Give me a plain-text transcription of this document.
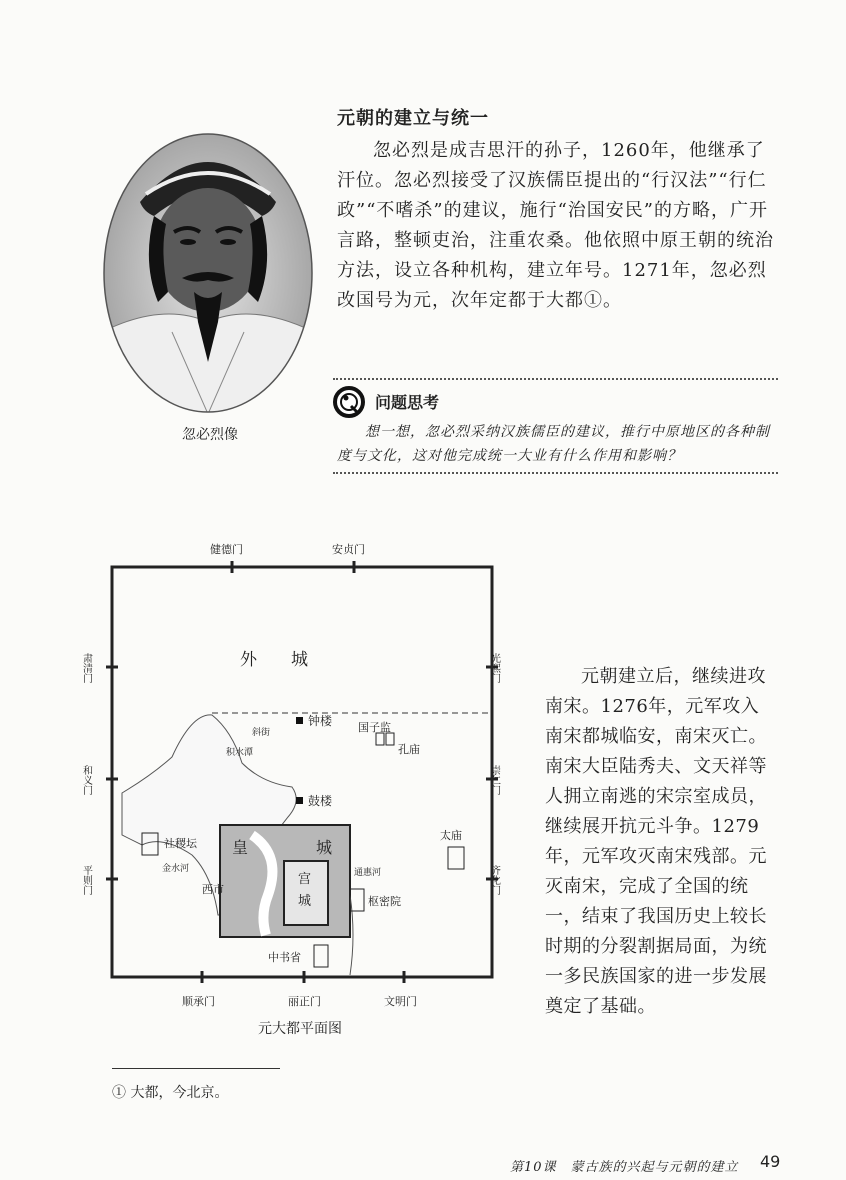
忽必烈像
元朝的建立与统一

忽必烈是成吉思汗的孙子，1260年，他继承了汗位。忽必烈接受了汉族儒臣提出的“行汉法”“行仁政”“不嗜杀”的建议，施行“治国安民”的方略，广开言路，整顿吏治，注重农桑。他依照中原王朝的统治方法，设立各种机构，建立年号。1271年，忽必烈改国号为元，次年定都于大都①。

问题思考

想一想，忽必烈采纳汉族儒臣的建议，推行中原地区的各种制度与文化，这对他完成统一大业有什么作用和影响？

外　　城
钟楼
鼓楼
国子监
孔庙
太庙
社稷坛
西市
枢密院
中书省
皇	城
宫
城
通惠河
金水河
积水潭
斜街
健德门	安贞门
顺承门	丽正门	文明门
肃清门
和义门
平则门
光熙门
崇仁门
齐化门
元大都平面图

元朝建立后，继续进攻南宋。1276年，元军攻入南宋都城临安，南宋灭亡。南宋大臣陆秀夫、文天祥等人拥立南逃的宋宗室成员，继续展开抗元斗争。1279年，元军攻灭南宋残部。元灭南宋，完成了全国的统一，结束了我国历史上较长时期的分裂割据局面，为统一多民族国家的进一步发展奠定了基础。

① 大都，今北京。
第10课　蒙古族的兴起与元朝的建立 49
